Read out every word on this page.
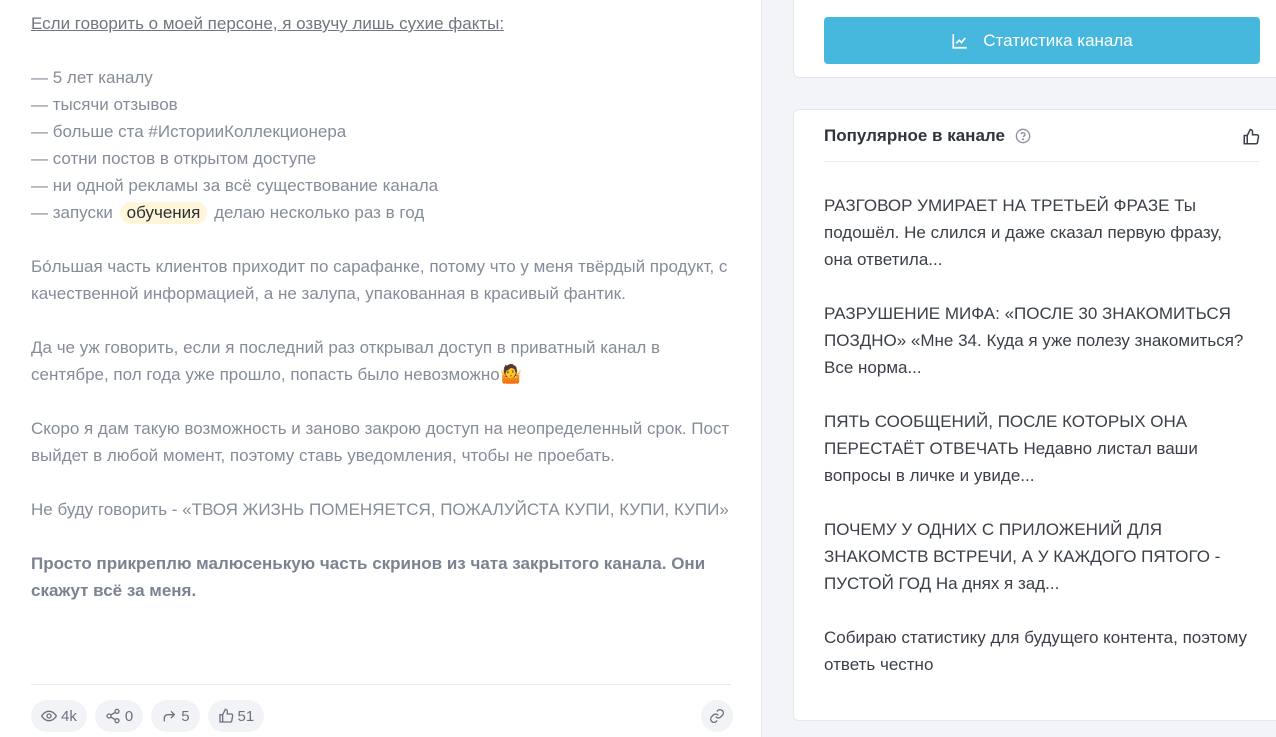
Если говорить о моей персоне, я озвучу лишь сухие факты:

— 5 лет каналу

— тысячи отзывов

— больше ста #ИсторииКоллекционера

— сотни постов в открытом доступе

— ни одной рекламы за всё существование канала

— запуски обучения делаю несколько раз в год

Бо́льшая часть клиентов приходит по сарафанке, потому что у меня твёрдый продукт, с качественной информацией, а не залупа, упакованная в красивый фантик.

Да че уж говорить, если я последний раз открывал доступ в приватный канал в сентябре, пол года уже прошло, попасть было невозможно🤷

Скоро я дам такую возможность и заново закрою доступ на неопределенный срок. Пост выйдет в любой момент, поэтому ставь уведомления, чтобы не проебать.

Не буду говорить - «ТВОЯ ЖИЗНЬ ПОМЕНЯЕТСЯ, ПОЖАЛУЙСТА КУПИ, КУПИ, КУПИ»

Просто прикреплю малюсенькую часть скринов из чата закрытого канала. Они скажут всё за меня.

4k	0	5	51
Статистика канала
Популярное в канале
РАЗГОВОР УМИРАЕТ НА ТРЕТЬЕЙ ФРАЗЕ Ты подошёл. Не слился и даже сказал первую фразу, она ответила...
РАЗРУШЕНИЕ МИФА: «ПОСЛЕ 30 ЗНАКОМИТЬСЯ ПОЗДНО» «Мне 34. Куда я уже полезу знакомиться? Все норма...
ПЯТЬ СООБЩЕНИЙ, ПОСЛЕ КОТОРЫХ ОНА ПЕРЕСТАЁТ ОТВЕЧАТЬ Недавно листал ваши вопросы в личке и увиде...
ПОЧЕМУ У ОДНИХ С ПРИЛОЖЕНИЙ ДЛЯ ЗНАКОМСТВ ВСТРЕЧИ, А У КАЖДОГО ПЯТОГО - ПУСТОЙ ГОД На днях я зад...
Собираю статистику для будущего контента, поэтому ответь честно
